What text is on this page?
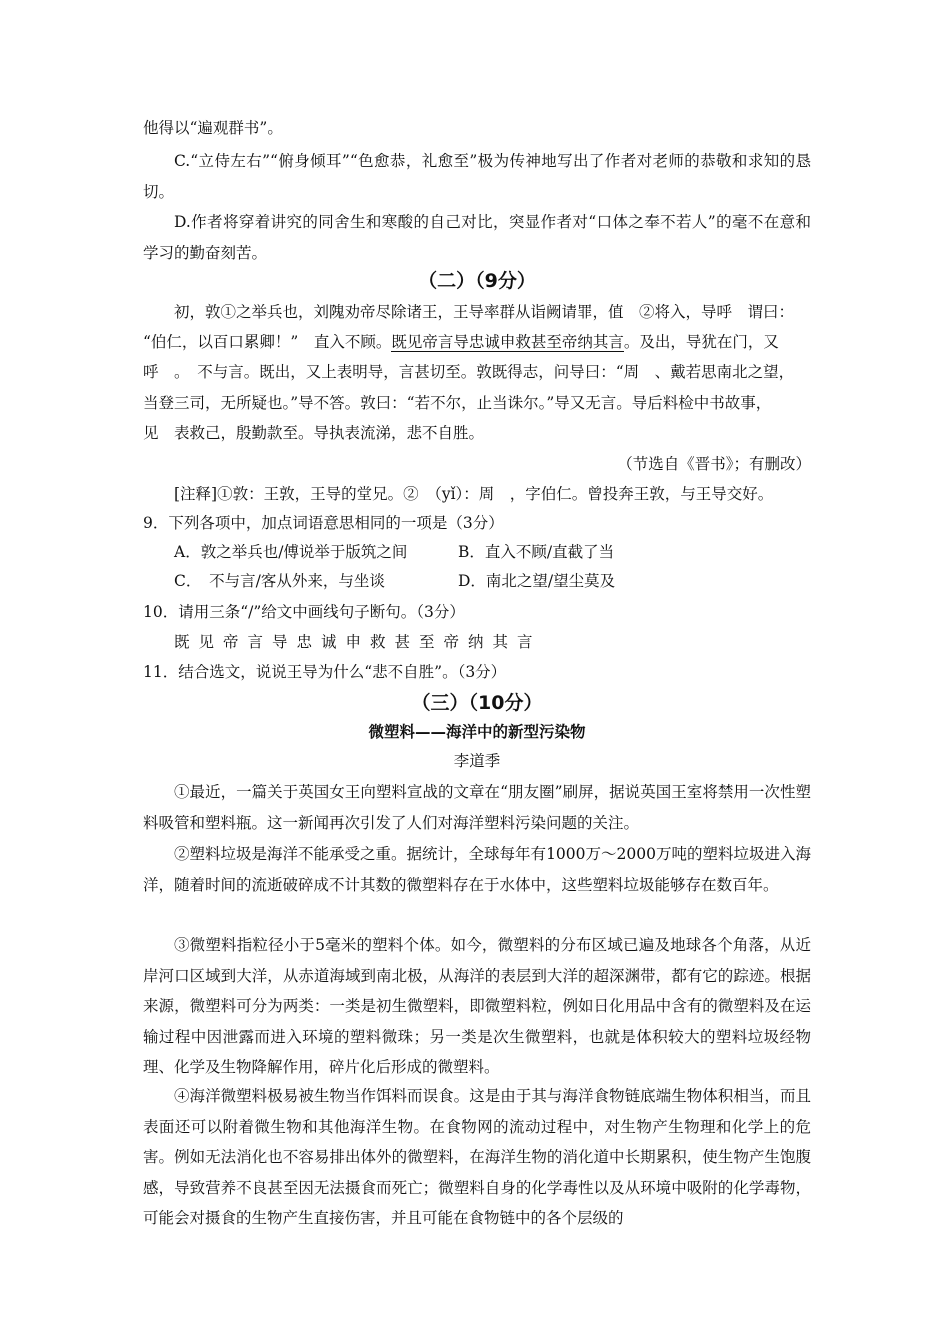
他得以“遍观群书”。

C.“立侍左右”“俯身倾耳”“色愈恭，礼愈至”极为传神地写出了作者对老师的恭敬和求知的恳切。

D.作者将穿着讲究的同舍生和寒酸的自己对比，突显作者对“口体之奉不若人”的毫不在意和学习的勤奋刻苦。

（二）（9分）

初，敦①之举兵也，刘隗劝帝尽除诸王，王导率群从诣阙请罪，值　②将入，导呼　谓曰：

“伯仁，以百口累卿！”　直入不顾。既见帝言导忠诚申救甚至帝纳其言。及出，导犹在门，又

呼　。　不与言。既出，又上表明导，言甚切至。敦既得志，问导曰：“周　、戴若思南北之望，

当登三司，无所疑也。”导不答。敦曰：“若不尔，止当诛尔。”导又无言。导后料检中书故事，

见　表救己，殷勤款至。导执表流涕，悲不自胜。

（节选自《晋书》；有删改）

[注释]①敦：王敦，王导的堂兄。②　（yǐ）：周　，字伯仁。曾投奔王敦，与王导交好。

9．下列各项中，加点词语意思相同的一项是（3分）

A．敦之举兵也/傅说举于版筑之间	B．直入不顾/直截了当
C．　不与言/客从外来，与坐谈	D．南北之望/望尘莫及

10．请用三条“/”给文中画线句子断句。（3分）

既见帝言导忠诚申救甚至帝纳其言

11．结合选文，说说王导为什么“悲不自胜”。（3分）

（三）（10分）
微塑料——海洋中的新型污染物
李道季

①最近，一篇关于英国女王向塑料宣战的文章在“朋友圈”刷屏，据说英国王室将禁用一次性塑料吸管和塑料瓶。这一新闻再次引发了人们对海洋塑料污染问题的关注。

②塑料垃圾是海洋不能承受之重。据统计，全球每年有1000万～2000万吨的塑料垃圾进入海洋，随着时间的流逝破碎成不计其数的微塑料存在于水体中，这些塑料垃圾能够存在数百年。

③微塑料指粒径小于5毫米的塑料个体。如今，微塑料的分布区域已遍及地球各个角落，从近岸河口区域到大洋，从赤道海域到南北极，从海洋的表层到大洋的超深渊带，都有它的踪迹。根据来源，微塑料可分为两类：一类是初生微塑料，即微塑料粒，例如日化用品中含有的微塑料及在运输过程中因泄露而进入环境的塑料微珠；另一类是次生微塑料，也就是体积较大的塑料垃圾经物理、化学及生物降解作用，碎片化后形成的微塑料。

④海洋微塑料极易被生物当作饵料而误食。这是由于其与海洋食物链底端生物体积相当，而且表面还可以附着微生物和其他海洋生物。在食物网的流动过程中，对生物产生物理和化学上的危害。例如无法消化也不容易排出体外的微塑料，在海洋生物的消化道中长期累积，使生物产生饱腹感，导致营养不良甚至因无法摄食而死亡；微塑料自身的化学毒性以及从环境中吸附的化学毒物，可能会对摄食的生物产生直接伤害，并且可能在食物链中的各个层级的
